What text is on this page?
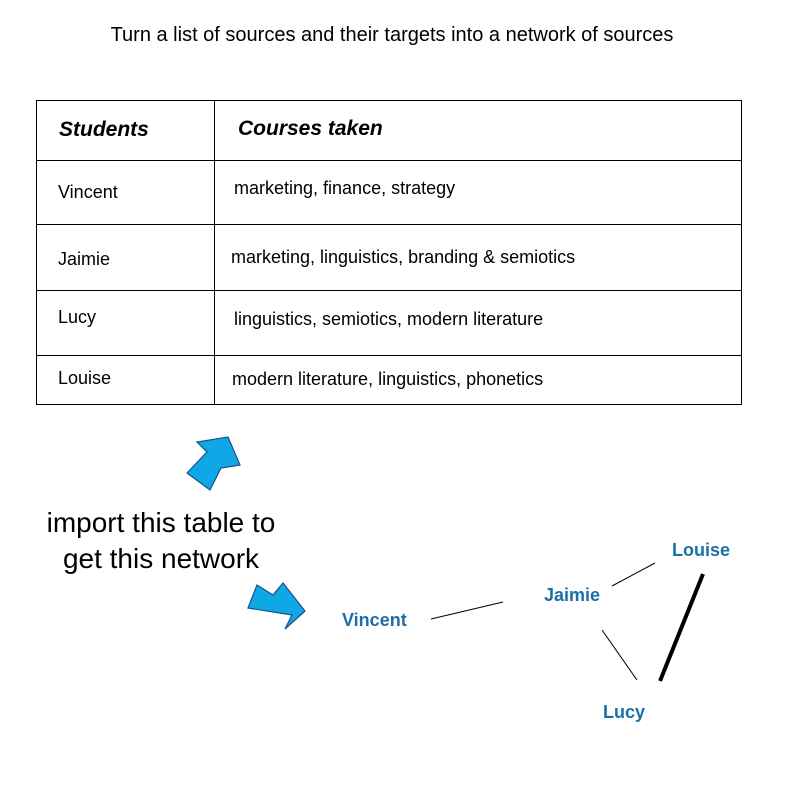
Turn a list of sources and their targets into a network of sources
Students	Courses taken
Vincent	marketing, finance, strategy
Jaimie	marketing, linguistics, branding & semiotics
Lucy	linguistics, semiotics, modern literature
Louise	modern literature, linguistics, phonetics
import this table to
get this network
Vincent
Jaimie
Louise
Lucy
